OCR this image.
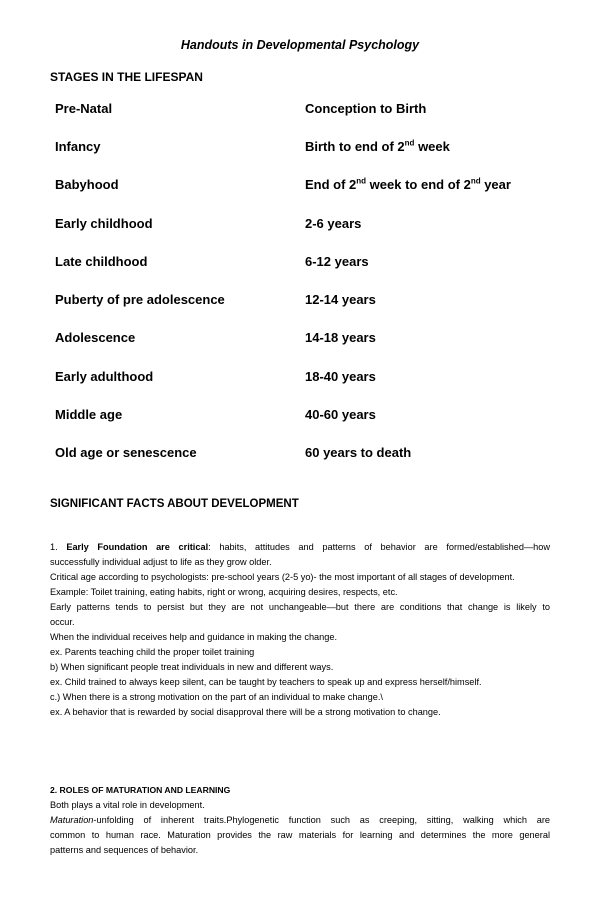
Handouts in Developmental Psychology
STAGES IN THE LIFESPAN
Pre-Natal	Conception to Birth
Infancy	Birth to end of 2nd week
Babyhood	End of 2nd week to end of 2nd year
Early childhood	2-6 years
Late childhood	6-12 years
Puberty of pre adolescence	12-14 years
Adolescence	14-18 years
Early adulthood	18-40 years
Middle age	40-60 years
Old age or senescence	60 years to death
SIGNIFICANT FACTS ABOUT DEVELOPMENT

1. Early Foundation are critical: habits, attitudes and patterns of behavior are formed/established—how

successfully individual adjust to life as they grow older.

Critical age according to psychologists: pre-school years (2-5 yo)- the most important of all stages of development.

Example: Toilet training, eating habits, right or wrong, acquiring desires, respects, etc.

Early patterns tends to persist but they are not unchangeable—but there are conditions that change is likely to

occur.

When the individual receives help and guidance in making the change.

ex. Parents teaching child the proper toilet training

b) When significant people treat individuals in new and different ways.

ex. Child trained to always keep silent, can be taught by teachers to speak up and express herself/himself.

c.) When there is a strong motivation on the part of an individual to make change.\

ex. A behavior that is rewarded by social disapproval there will be a strong motivation to change.

2. ROLES OF MATURATION AND LEARNING

Both plays a vital role in development.

Maturation-unfolding of inherent traits.Phylogenetic function such as creeping, sitting, walking which are

common to human race. Maturation provides the raw materials for learning and determines the more general

patterns and sequences of behavior.
